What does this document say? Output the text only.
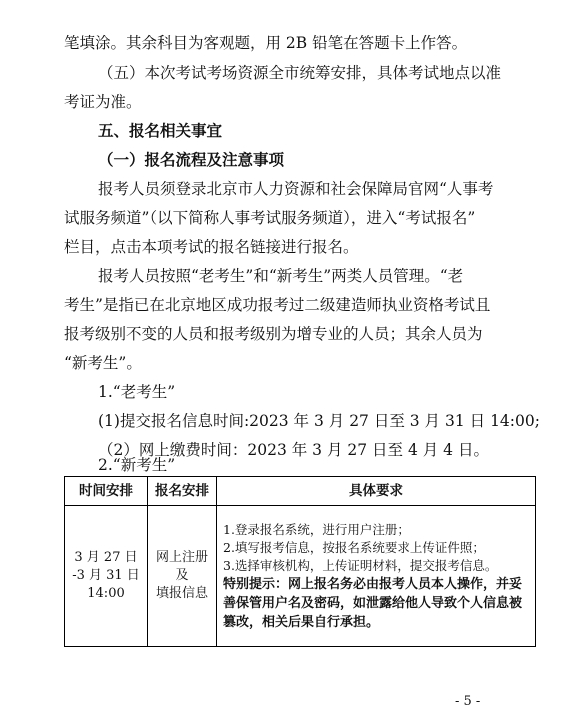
笔填涂。其余科目为客观题，用 2B 铅笔在答题卡上作答。
（五）本次考试考场资源全市统筹安排，具体考试地点以准
考证为准。
五、报名相关事宜
（一）报名流程及注意事项
报考人员须登录北京市人力资源和社会保障局官网“人事考
试服务频道”（以下简称人事考试服务频道），进入“考试报名”
栏目，点击本项考试的报名链接进行报名。
报考人员按照“老考生”和“新考生”两类人员管理。“老
考生”是指已在北京地区成功报考过二级建造师执业资格考试且
报考级别不变的人员和报考级别为增专业的人员；其余人员为
“新考生”。
1.“老考生”
(1)提交报名信息时间:2023 年 3 月 27 日至 3 月 31 日 14:00;
（2）网上缴费时间：2023 年 3 月 27 日至 4 月 4 日。
2.“新考生”
时间安排	报名安排	具体要求

3 月 27 日
-3 月 31 日
14:00	网上注册
及
填报信息	1.登录报名系统，进行用户注册；
2.填写报考信息，按报名系统要求上传证件照；
3.选择审核机构，上传证明材料，提交报考信息。
特别提示：网上报名务必由报考人员本人操作，并妥善保管用户名及密码，如泄露给他人导致个人信息被篡改，相关后果自行承担。
- 5 -
